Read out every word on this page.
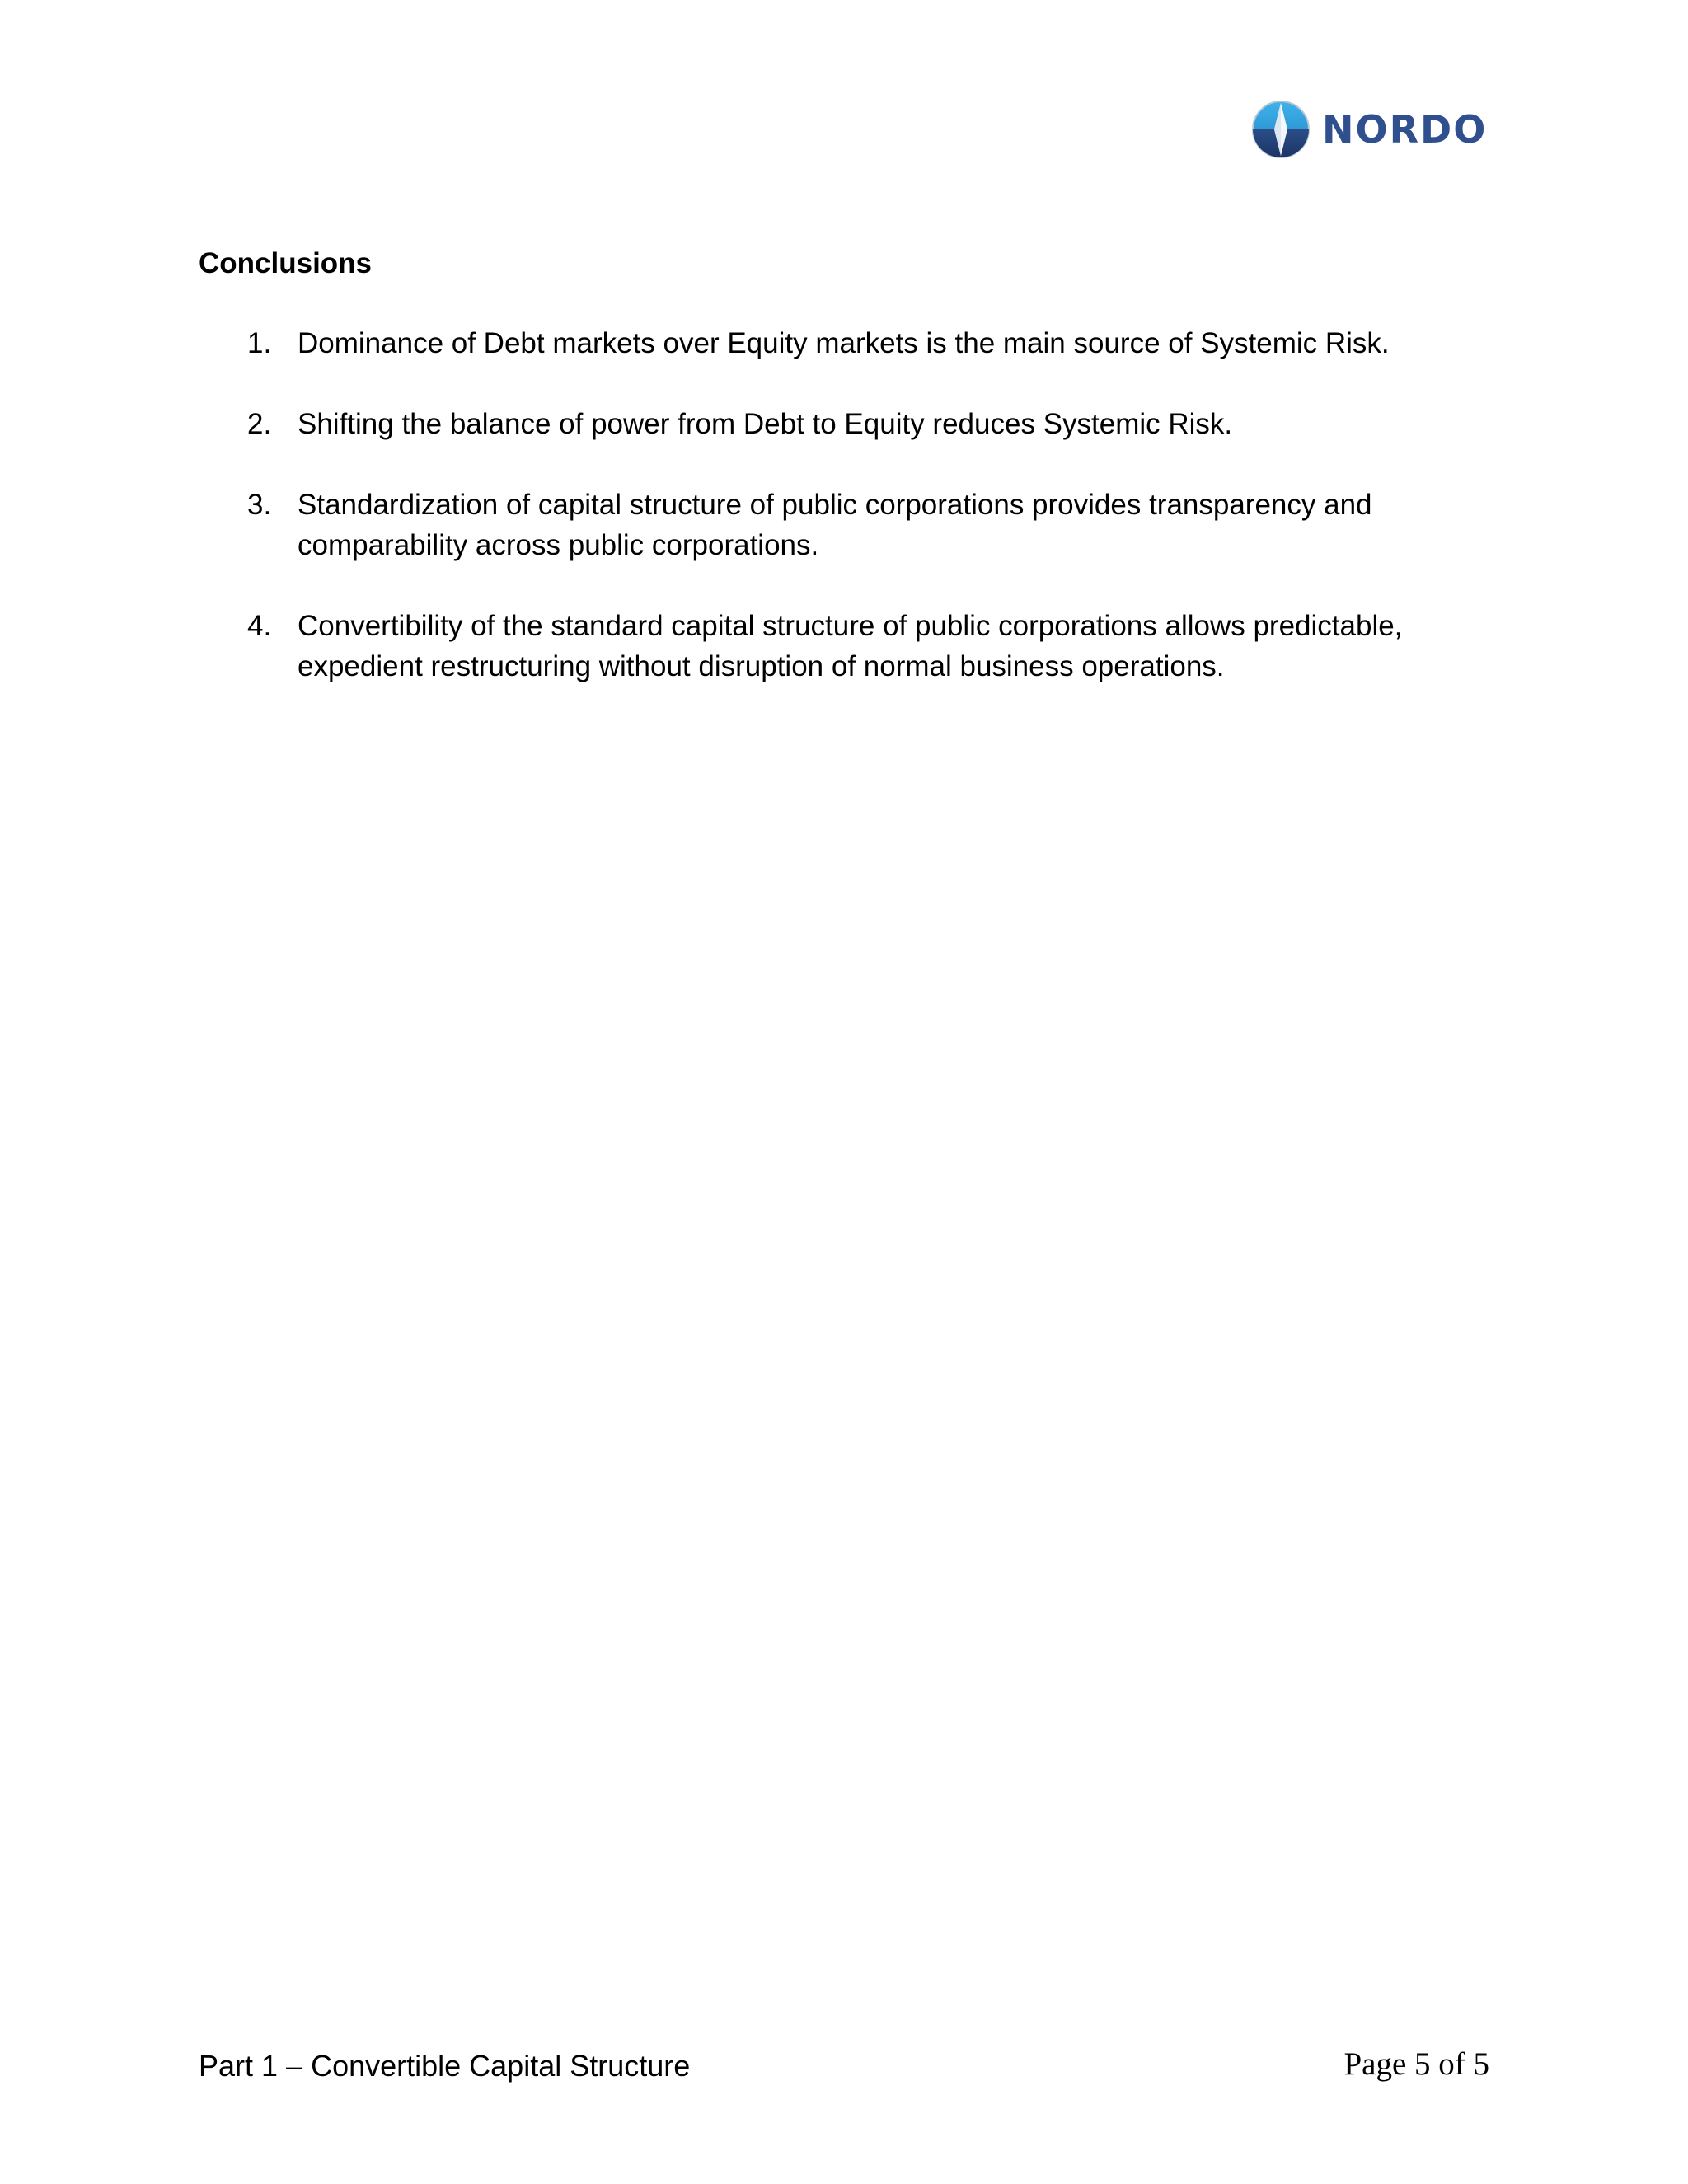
NORDO
Conclusions
1. Dominance of Debt markets over Equity markets is the main source of Systemic Risk.
2. Shifting the balance of power from Debt to Equity reduces Systemic Risk.
3. Standardization of capital structure of public corporations provides transparency and comparability across public corporations.
4. Convertibility of the standard capital structure of public corporations allows predictable, expedient restructuring without disruption of normal business operations.
Part 1 – Convertible Capital Structure	Page 5 of 5
